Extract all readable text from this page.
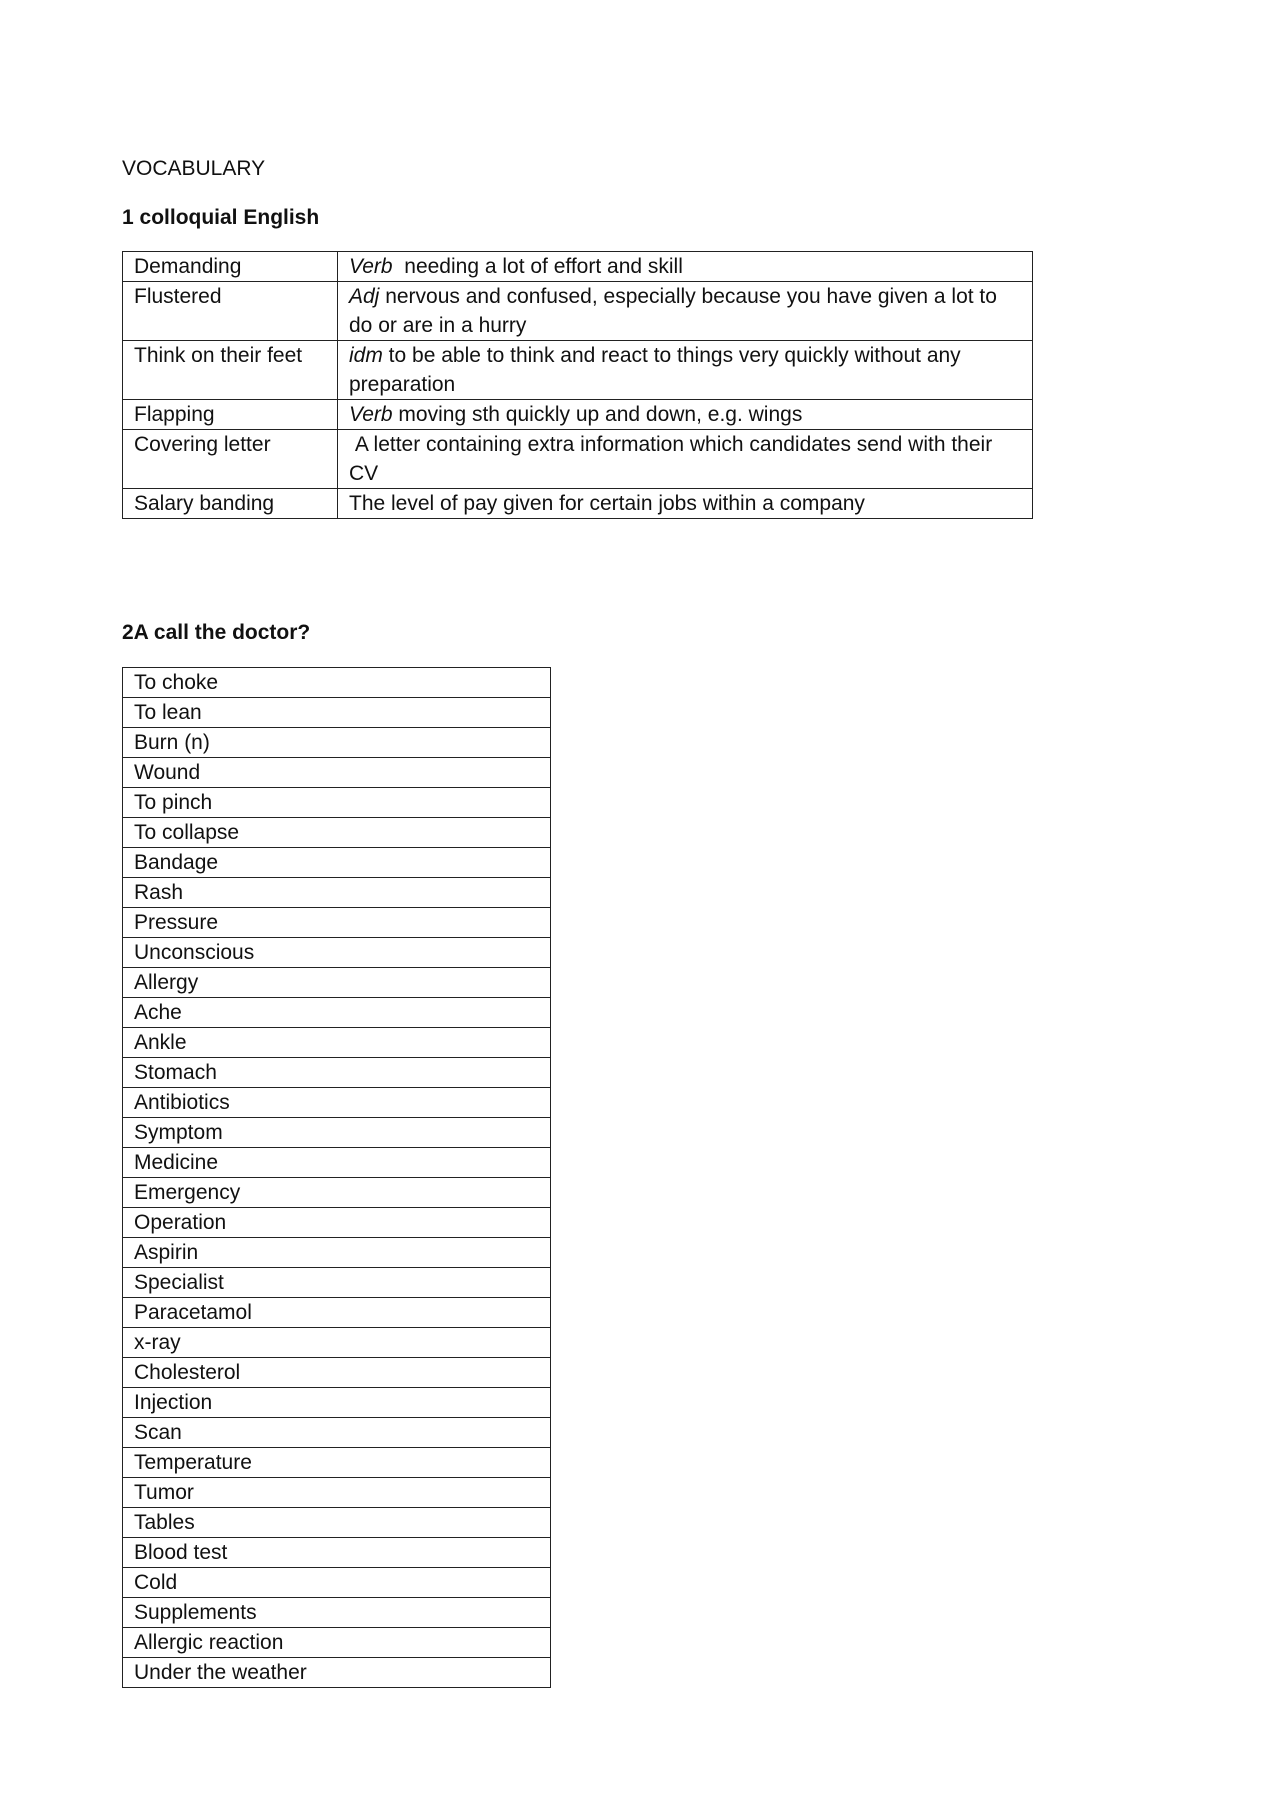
VOCABULARY
1 colloquial English
Demanding	Verb  needing a lot of effort and skill
Flustered	Adj nervous and confused, especially because you have given a lot to do or are in a hurry
Think on their feet	idm to be able to think and react to things very quickly without any preparation
Flapping	Verb moving sth quickly up and down, e.g. wings
Covering letter	A letter containing extra information which candidates send with their CV
Salary banding	The level of pay given for certain jobs within a company
2A call the doctor?
To choke
To lean
Burn (n)
Wound
To pinch
To collapse
Bandage
Rash
Pressure
Unconscious
Allergy
Ache
Ankle
Stomach
Antibiotics
Symptom
Medicine
Emergency
Operation
Aspirin
Specialist
Paracetamol
x-ray
Cholesterol
Injection
Scan
Temperature
Tumor
Tables
Blood test
Cold
Supplements
Allergic reaction
Under the weather
